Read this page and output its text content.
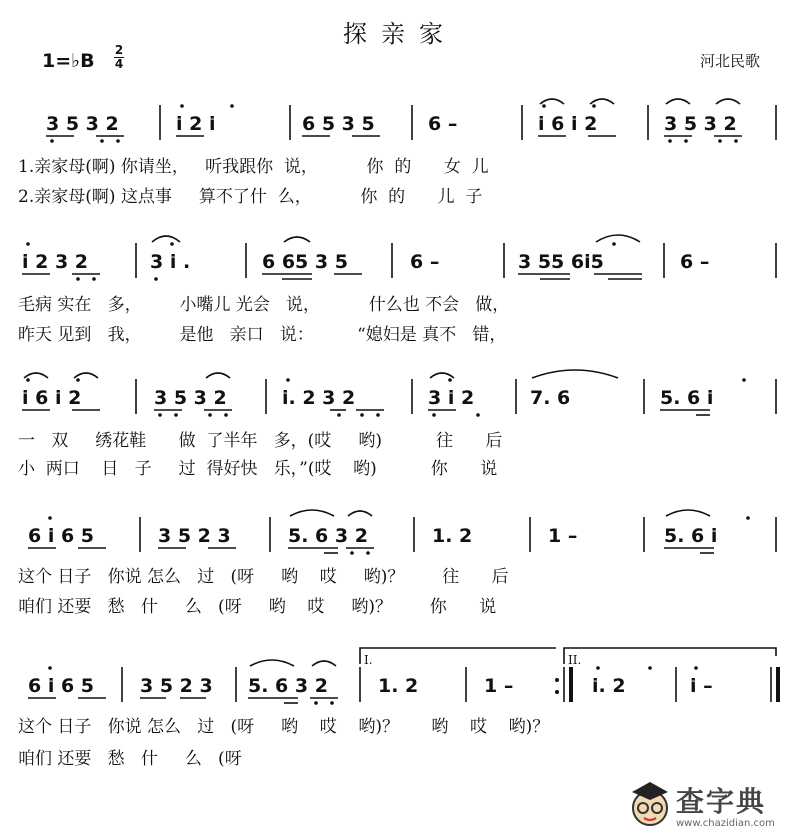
探亲家
1=♭B 2
4	河北民歌
3 5 3 2	i 2 i	6 5 3 5	6 –	i 6 i 2	3 5 3 2
i 2 3 2	3 i .	6 65 3 5	6 –	3 55 6i5	6 –
i 6 i 2	3 5 3 2	i. 2 3 2	3 i 2	7. 6	5. 6 i
6 i 6 5	3 5 2 3	5. 6 3 2	1. 2	1 –	5. 6 i
6 i 6 5 3 5 2 3 5. 6 3 2	1. 2	1 –	i. 2	i –
I.	II.
1.亲家母(啊) 你请坐，   听我跟你  说，         你  的      女  儿
2.亲家母(啊) 这点事     算不了什  么，         你  的      儿  子
毛病 实在   多，       小嘴儿 光会   说，         什么也 不会   做，
昨天 见到   我，       是他   亲口   说：        “媳妇是 真不   错，
一   双     绣花鞋      做  了半年   多，(哎     哟)          往      后
小  两口    日   子     过  得好快   乐，”(哎    哟)          你      说
这个 日子   你说 怎么   过   (呀     哟    哎     哟)？       往      后
咱们 还要   愁   什     么   (呀     哟    哎     哟)？       你      说
这个 日子   你说 怎么   过   (呀     哟    哎    哟)？      哟    哎    哟)？
咱们 还要   愁   什     么   (呀
查字典
www.chazidian.com
